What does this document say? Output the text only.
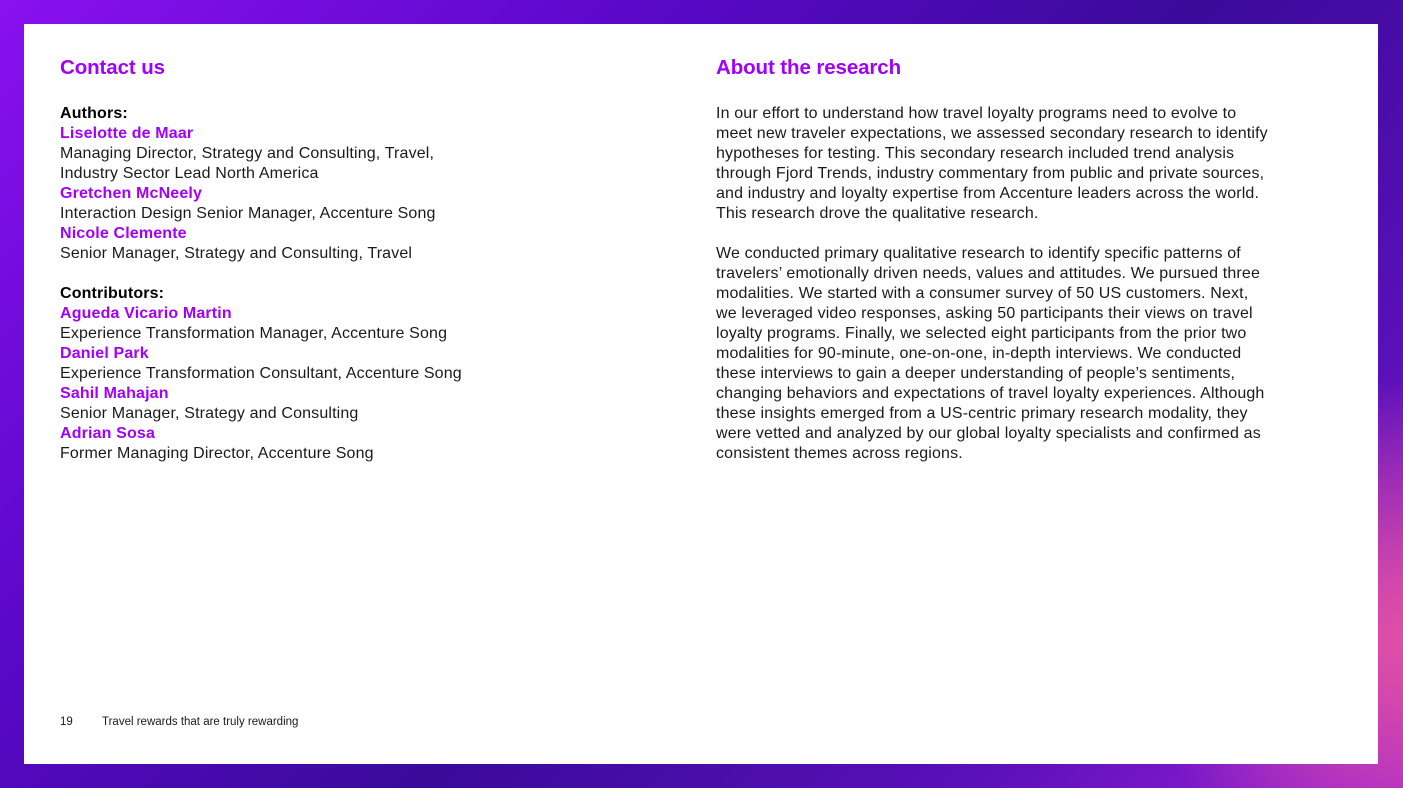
Contact us
Authors:
Liselotte de Maar
Managing Director, Strategy and Consulting, Travel,
Industry Sector Lead North America
Gretchen McNeely
Interaction Design Senior Manager, Accenture Song
Nicole Clemente
Senior Manager, Strategy and Consulting, Travel
Contributors:
Agueda Vicario Martin
Experience Transformation Manager, Accenture Song
Daniel Park
Experience Transformation Consultant, Accenture Song
Sahil Mahajan
Senior Manager, Strategy and Consulting
Adrian Sosa
Former Managing Director, Accenture Song
About the research
In our effort to understand how travel loyalty programs need to evolve to
meet new traveler expectations, we assessed secondary research to identify
hypotheses for testing. This secondary research included trend analysis
through Fjord Trends, industry commentary from public and private sources,
and industry and loyalty expertise from Accenture leaders across the world.
This research drove the qualitative research.
We conducted primary qualitative research to identify specific patterns of
travelers’ emotionally driven needs, values and attitudes. We pursued three
modalities. We started with a consumer survey of 50 US customers. Next,
we leveraged video responses, asking 50 participants their views on travel
loyalty programs. Finally, we selected eight participants from the prior two
modalities for 90-minute, one-on-one, in-depth interviews. We conducted
these interviews to gain a deeper understanding of people’s sentiments,
changing behaviors and expectations of travel loyalty experiences. Although
these insights emerged from a US-centric primary research modality, they
were vetted and analyzed by our global loyalty specialists and confirmed as
consistent themes across regions.
19	Travel rewards that are truly rewarding
